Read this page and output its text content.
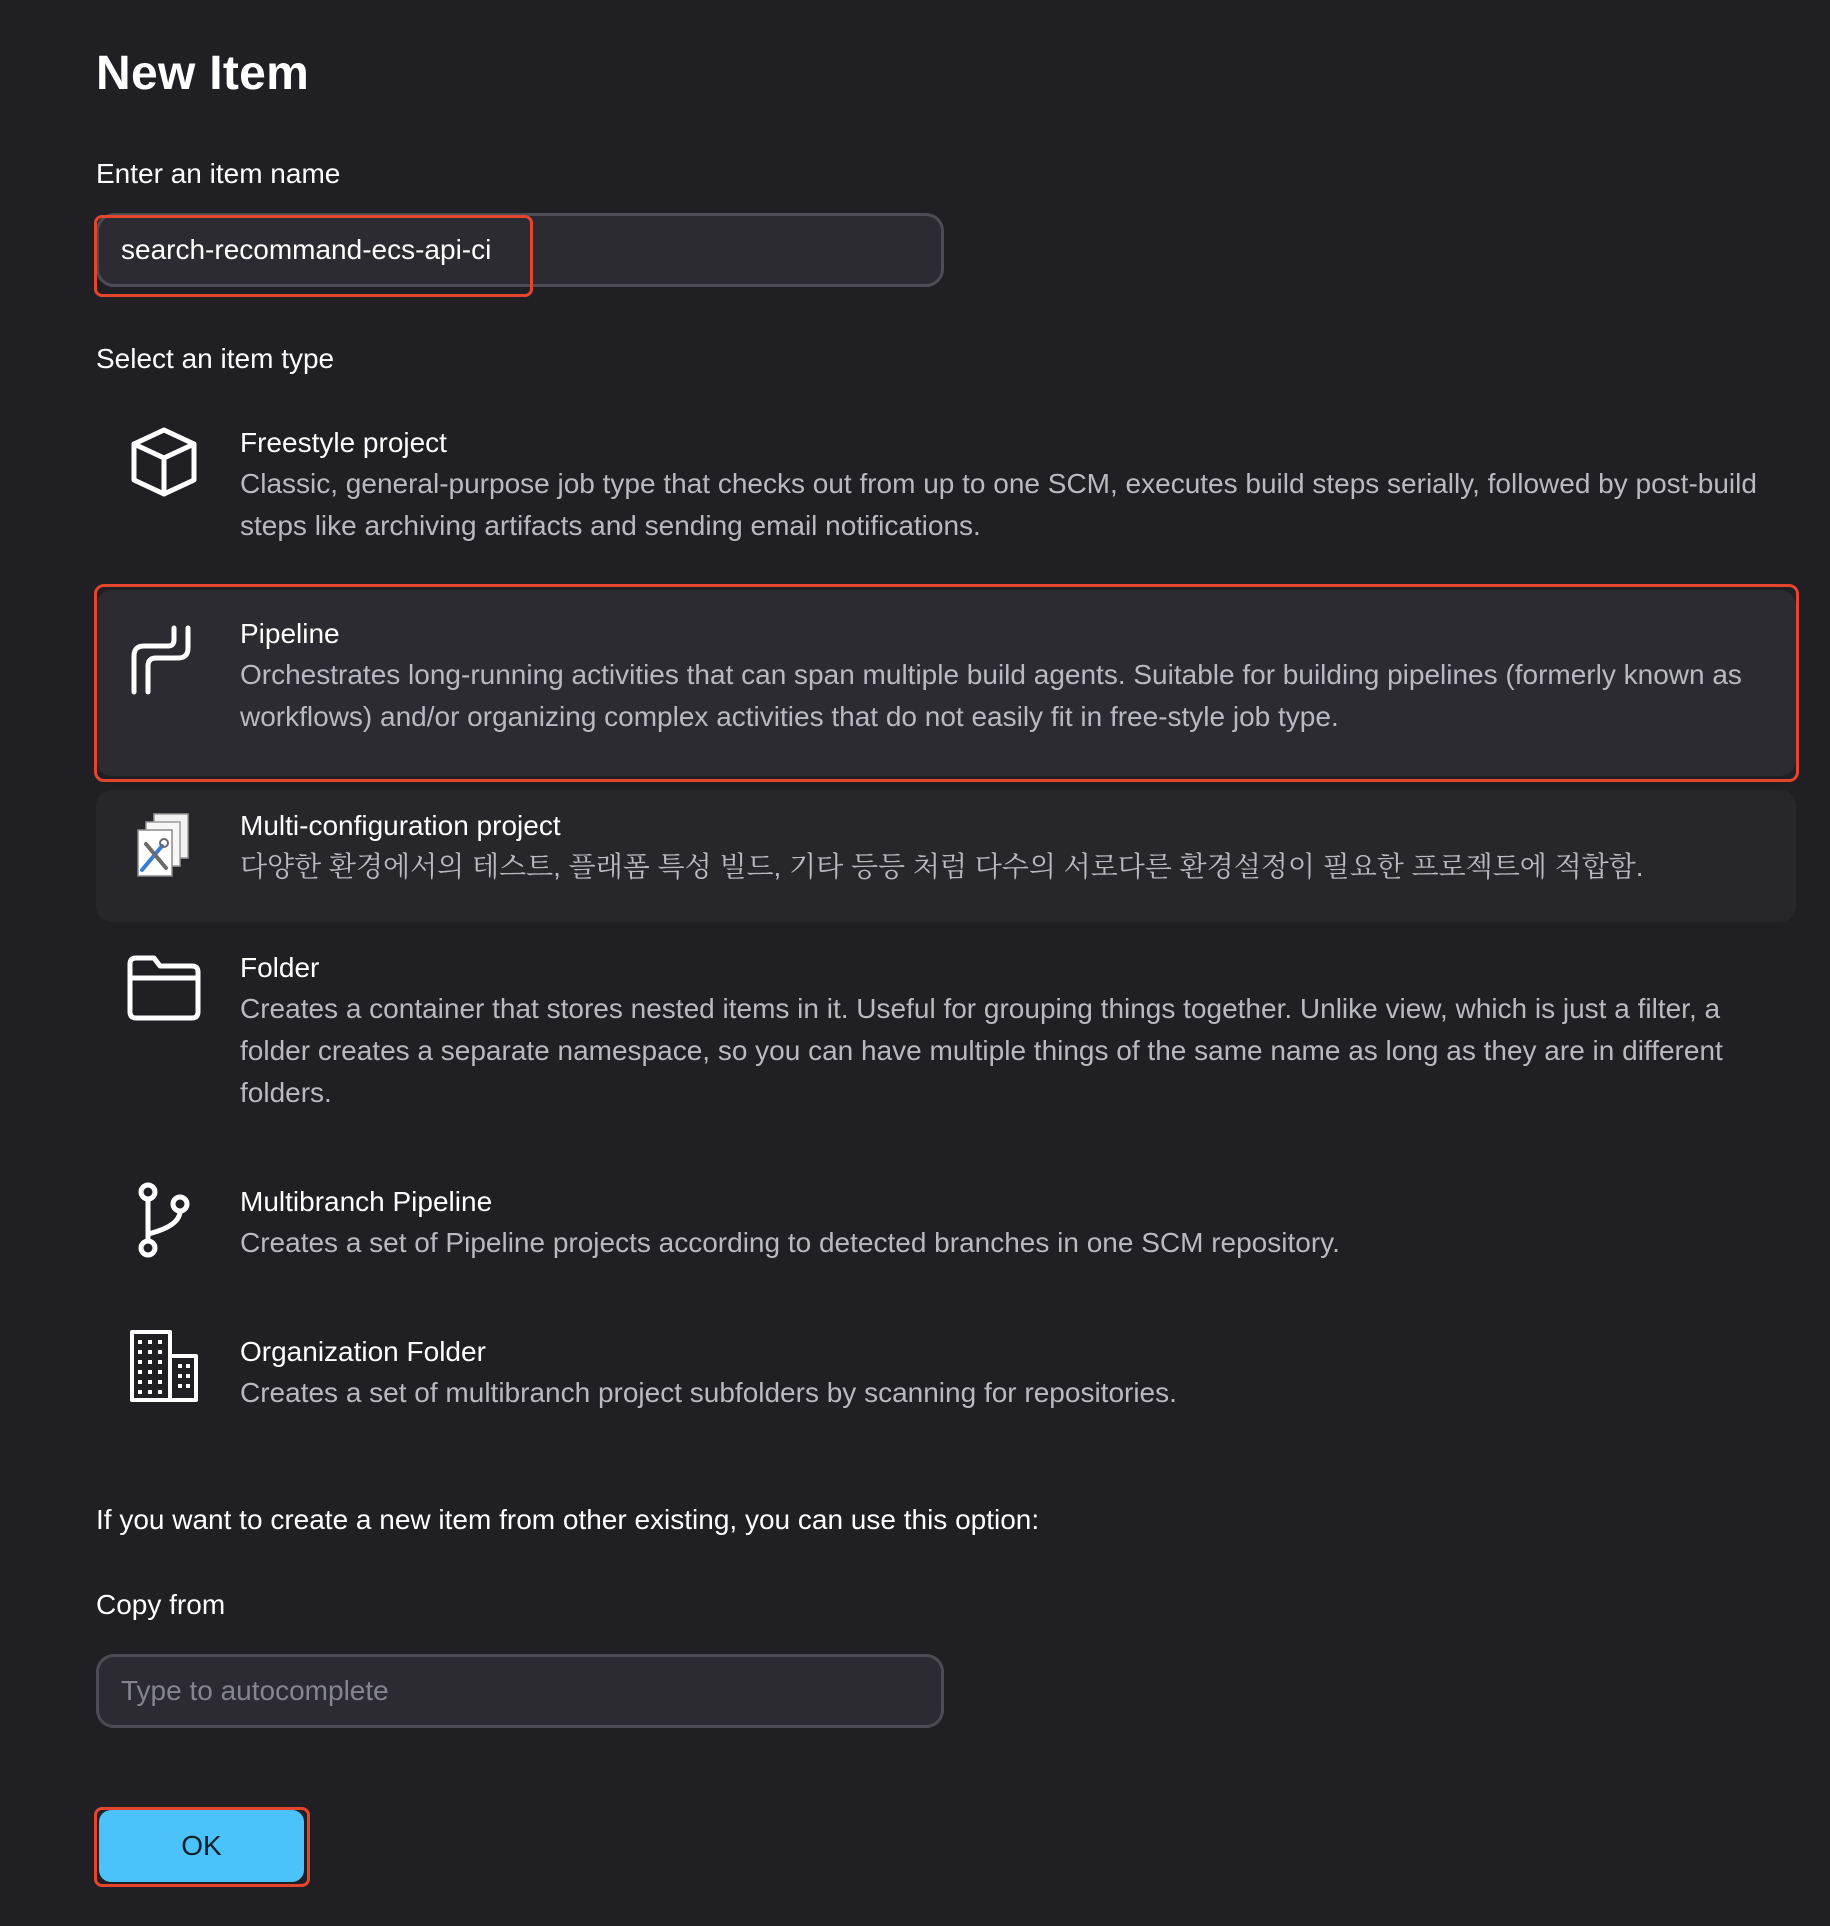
New Item
Enter an item name
search-recommand-ecs-api-ci
Select an item type
Freestyle project
Classic, general-purpose job type that checks out from up to one SCM, executes build steps serially, followed by post-build steps like archiving artifacts and sending email notifications.
Pipeline
Orchestrates long-running activities that can span multiple build agents. Suitable for building pipelines (formerly known as workflows) and/or organizing complex activities that do not easily fit in free-style job type.
Multi-configuration project
다양한 환경에서의 테스트, 플래폼 특성 빌드, 기타 등등 처럼 다수의 서로다른 환경설정이 필요한 프로젝트에 적합함.
Folder
Creates a container that stores nested items in it. Useful for grouping things together. Unlike view, which is just a filter, a folder creates a separate namespace, so you can have multiple things of the same name as long as they are in different folders.
Multibranch Pipeline
Creates a set of Pipeline projects according to detected branches in one SCM repository.
Organization Folder
Creates a set of multibranch project subfolders by scanning for repositories.
If you want to create a new item from other existing, you can use this option:
Copy from
Type to autocomplete
OK
